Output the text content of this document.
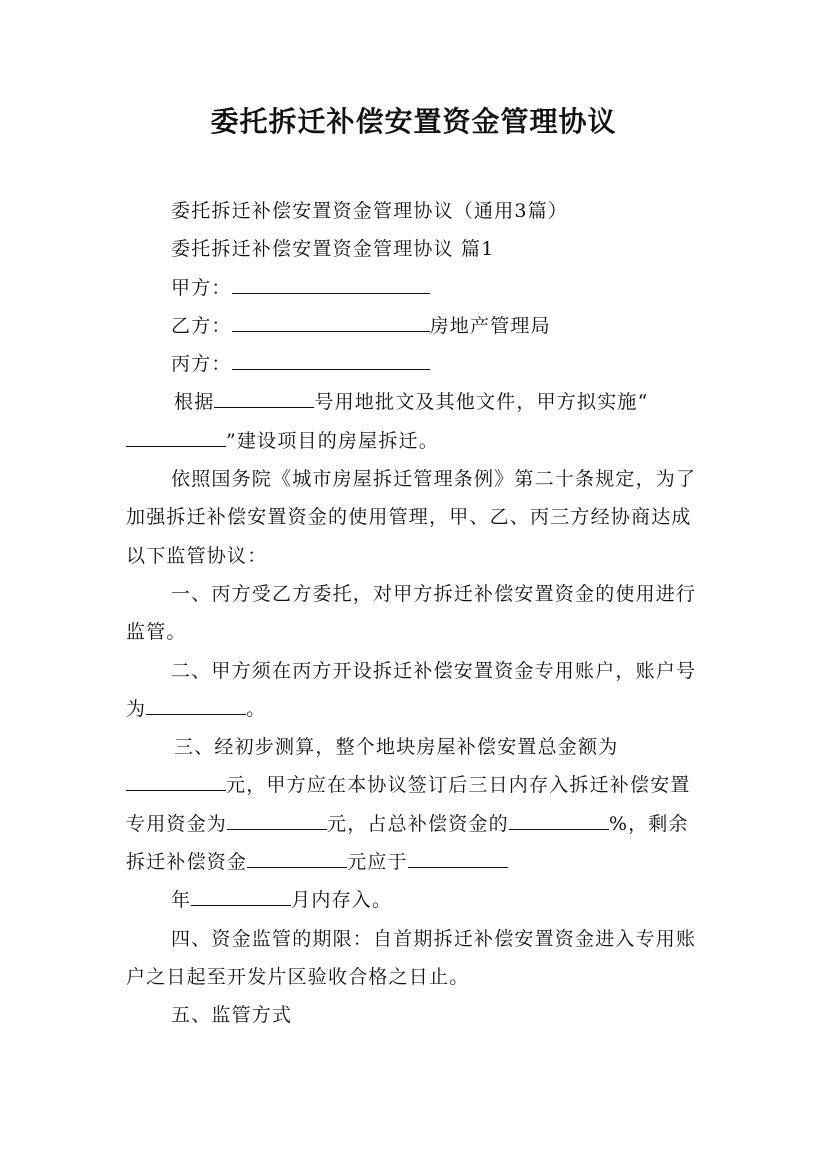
委托拆迁补偿安置资金管理协议

委托拆迁补偿安置资金管理协议（通用3篇）

委托拆迁补偿安置资金管理协议 篇1

甲方：

乙方：	房地产管理局

丙方：

根据	号用地批文及其他文件，甲方拟实施“”建设项目的房屋拆迁。

依照国务院《城市房屋拆迁管理条例》第二十条规定，为了加强拆迁补偿安置资金的使用管理，甲、乙、丙三方经协商达成以下监管协议：

一、丙方受乙方委托，对甲方拆迁补偿安置资金的使用进行监管。

二、甲方须在丙方开设拆迁补偿安置资金专用账户，账户号为	。

三、经初步测算，整个地块房屋补偿安置总金额为元，甲方应在本协议签订后三日内存入拆迁补偿安置专用资金为	元，占总补偿资金的	%，剩余拆迁补偿资金	元应于

年	月内存入。

四、资金监管的期限：自首期拆迁补偿安置资金进入专用账户之日起至开发片区验收合格之日止。

五、监管方式
